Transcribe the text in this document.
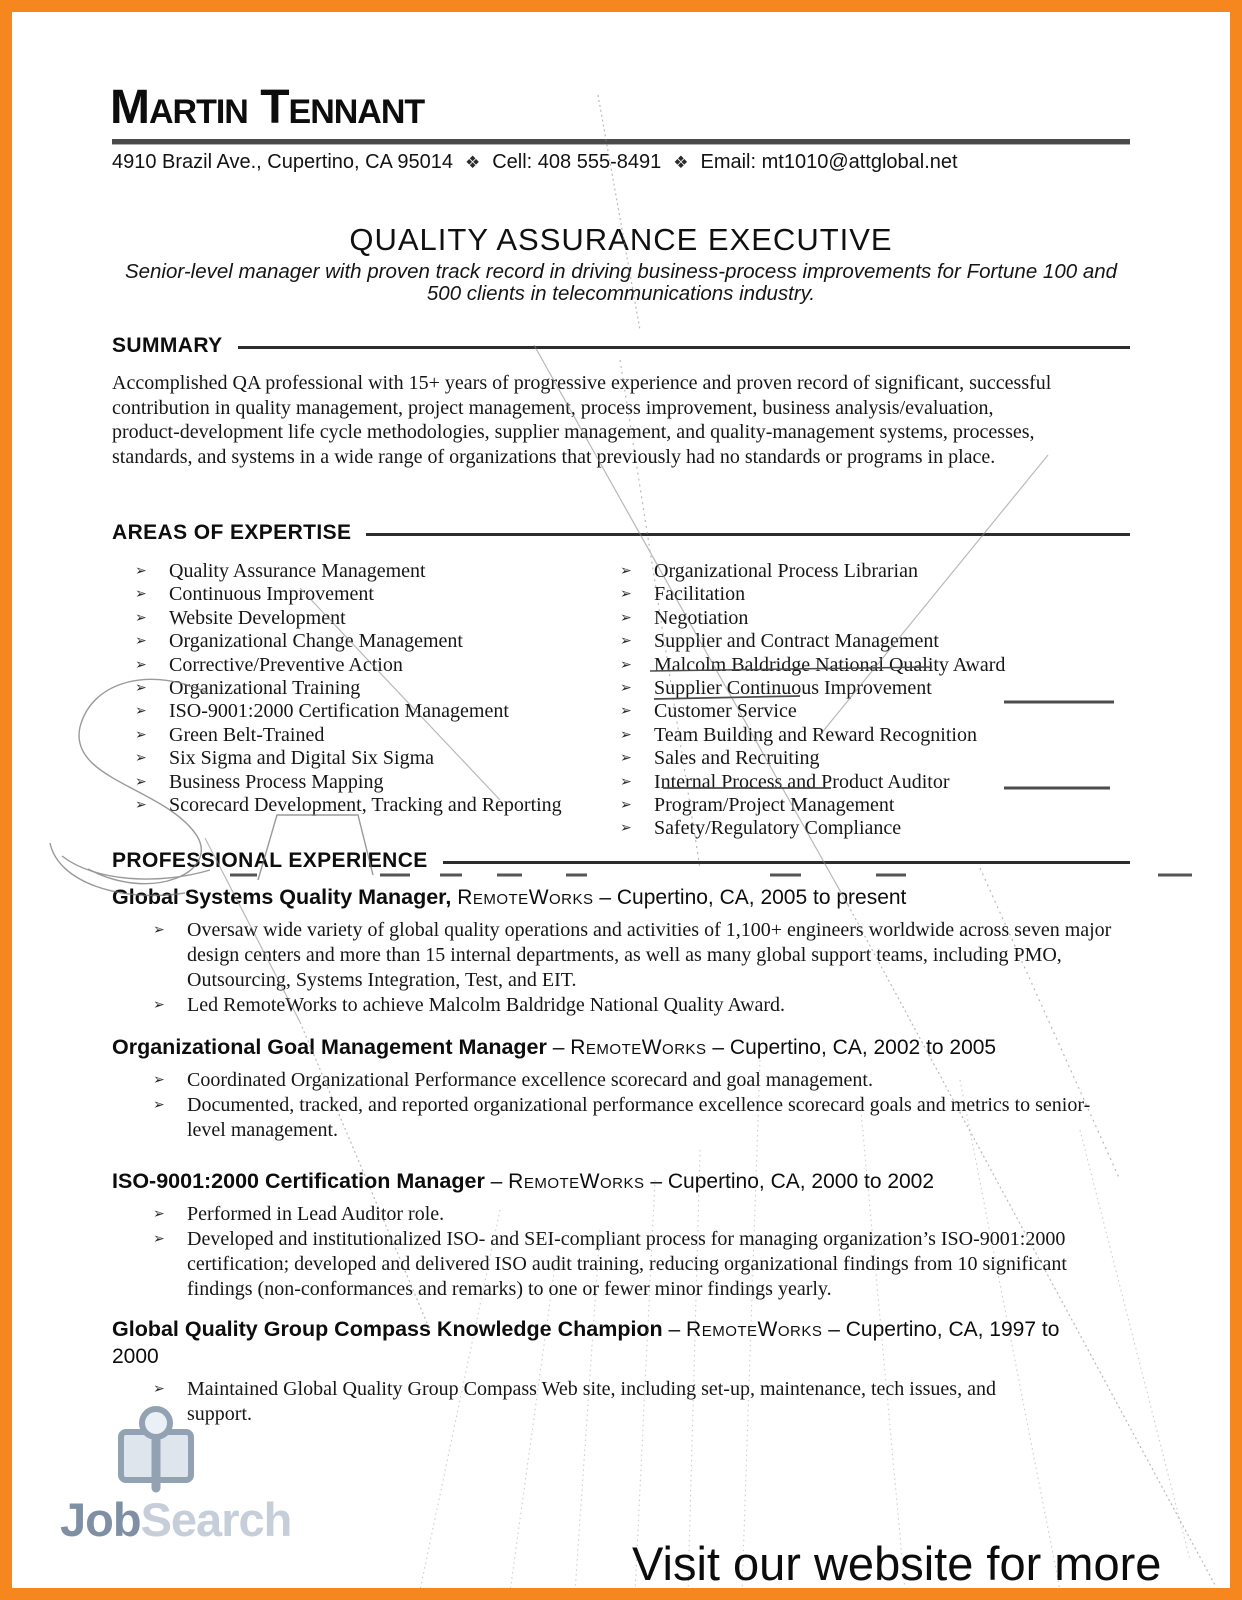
Martin Tennant
4910 Brazil Ave., Cupertino, CA 95014 ❖ Cell: 408 555-8491 ❖ Email: mt1010@attglobal.net
QUALITY ASSURANCE EXECUTIVE
Senior-level manager with proven track record in driving business-process improvements for Fortune 100 and 500 clients in telecommunications industry.
SUMMARY
Accomplished QA professional with 15+ years of progressive experience and proven record of significant, successful contribution in quality management, project management, process improvement, business analysis/evaluation, product-development life cycle methodologies, supplier management, and quality-management systems, processes, standards, and systems in a wide range of organizations that previously had no standards or programs in place.
AREAS OF EXPERTISE
➢	Quality Assurance Management
➢	Continuous Improvement
➢	Website Development
➢	Organizational Change Management
➢	Corrective/Preventive Action
➢	Organizational Training
➢	ISO-9001:2000 Certification Management
➢	Green Belt-Trained
➢	Six Sigma and Digital Six Sigma
➢	Business Process Mapping
➢	Scorecard Development, Tracking and Reporting
➢	Organizational Process Librarian
➢	Facilitation
➢	Negotiation
➢	Supplier and Contract Management
➢	Malcolm Baldridge National Quality Award
➢	Supplier Continuous Improvement
➢	Customer Service
➢	Team Building and Reward Recognition
➢	Sales and Recruiting
➢	Internal Process and Product Auditor
➢	Program/Project Management
➢	Safety/Regulatory Compliance
PROFESSIONAL EXPERIENCE
Global Systems Quality Manager, RemoteWorks – Cupertino, CA, 2005 to present
➢	Oversaw wide variety of global quality operations and activities of 1,100+ engineers worldwide across seven major design centers and more than 15 internal departments, as well as many global support teams, including PMO, Outsourcing, Systems Integration, Test, and EIT.
➢	Led RemoteWorks to achieve Malcolm Baldridge National Quality Award.
Organizational Goal Management Manager – RemoteWorks – Cupertino, CA, 2002 to 2005
➢	Coordinated Organizational Performance excellence scorecard and goal management.
➢	Documented, tracked, and reported organizational performance excellence scorecard goals and metrics to senior-level management.
ISO-9001:2000 Certification Manager – RemoteWorks – Cupertino, CA, 2000 to 2002
➢	Performed in Lead Auditor role.
➢	Developed and institutionalized ISO- and SEI-compliant process for managing organization’s ISO-9001:2000 certification; developed and delivered ISO audit training, reducing organizational findings from 10 significant findings (non-conformances and remarks) to one or fewer minor findings yearly.
Global Quality Group Compass Knowledge Champion – RemoteWorks – Cupertino, CA, 1997 to 2000
➢	Maintained Global Quality Group Compass Web site, including set-up, maintenance, tech issues, and support.
JobSearch
Visit our website for more
